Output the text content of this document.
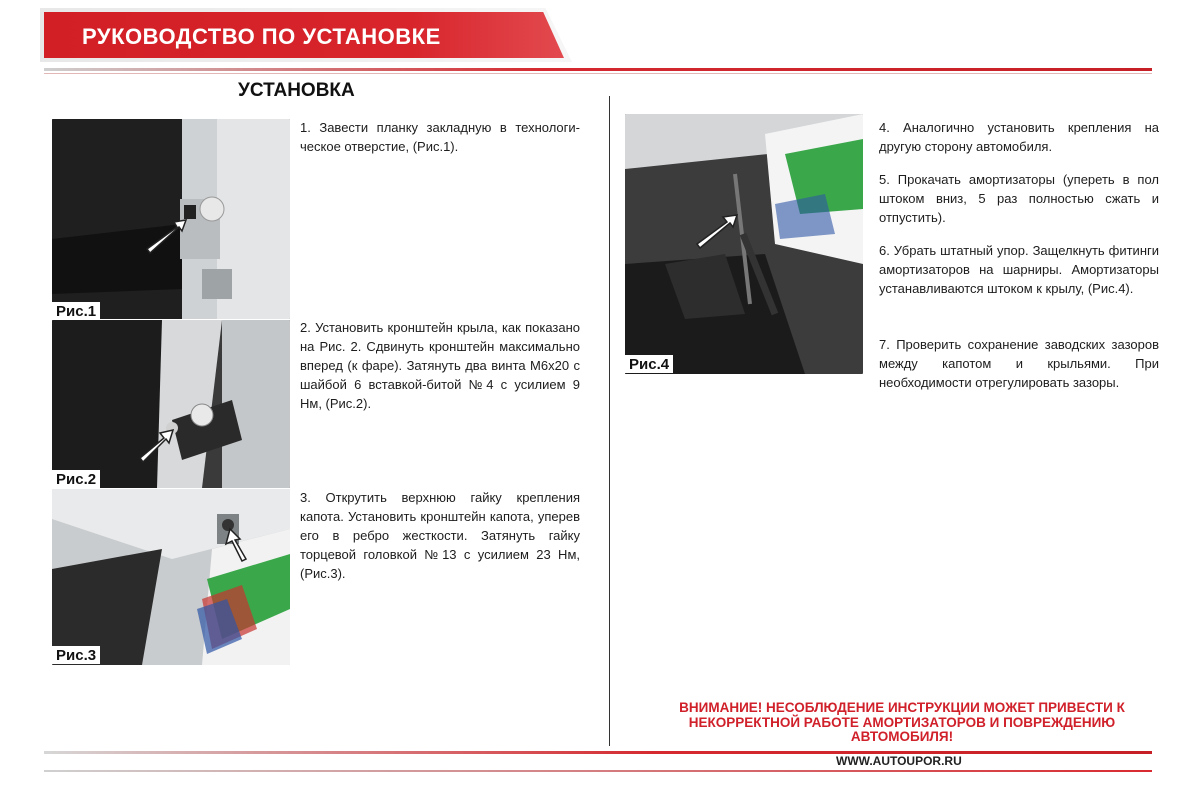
РУКОВОДСТВО ПО УСТАНОВКЕ
УСТАНОВКА
Рис.1
Рис.2
Рис.3
Рис.4
1. Завести планку закладную в технологи-ческое отверстие, (Рис.1).
2. Установить кронштейн крыла, как показано на Рис. 2. Сдвинуть кронштейн максимально вперед (к фаре). Затянуть два винта М6х20 с шайбой 6 вставкой-битой №4 с усилием 9 Нм, (Рис.2).
3. Открутить верхнюю гайку крепления капота. Установить кронштейн капота, уперев его в ребро жесткости. Затянуть гайку торцевой головкой №13 с усилием 23 Нм, (Рис.3).
4. Аналогично установить крепления на другую сторону автомобиля.
5. Прокачать амортизаторы (упереть в пол штоком вниз, 5 раз полностью сжать и отпустить).
6. Убрать штатный упор. Защелкнуть фитинги амортизаторов на шарниры. Амортизаторы устанавливаются штоком к крылу, (Рис.4).
7. Проверить сохранение заводских зазоров между капотом и крыльями. При необходимости отрегулировать зазоры.
ВНИМАНИЕ! НЕСОБЛЮДЕНИЕ ИНСТРУКЦИИ МОЖЕТ ПРИВЕСТИ К НЕКОРРЕКТНОЙ РАБОТЕ АМОРТИЗАТОРОВ И ПОВРЕЖДЕНИЮ АВТОМОБИЛЯ!
WWW.AUTOUPOR.RU
